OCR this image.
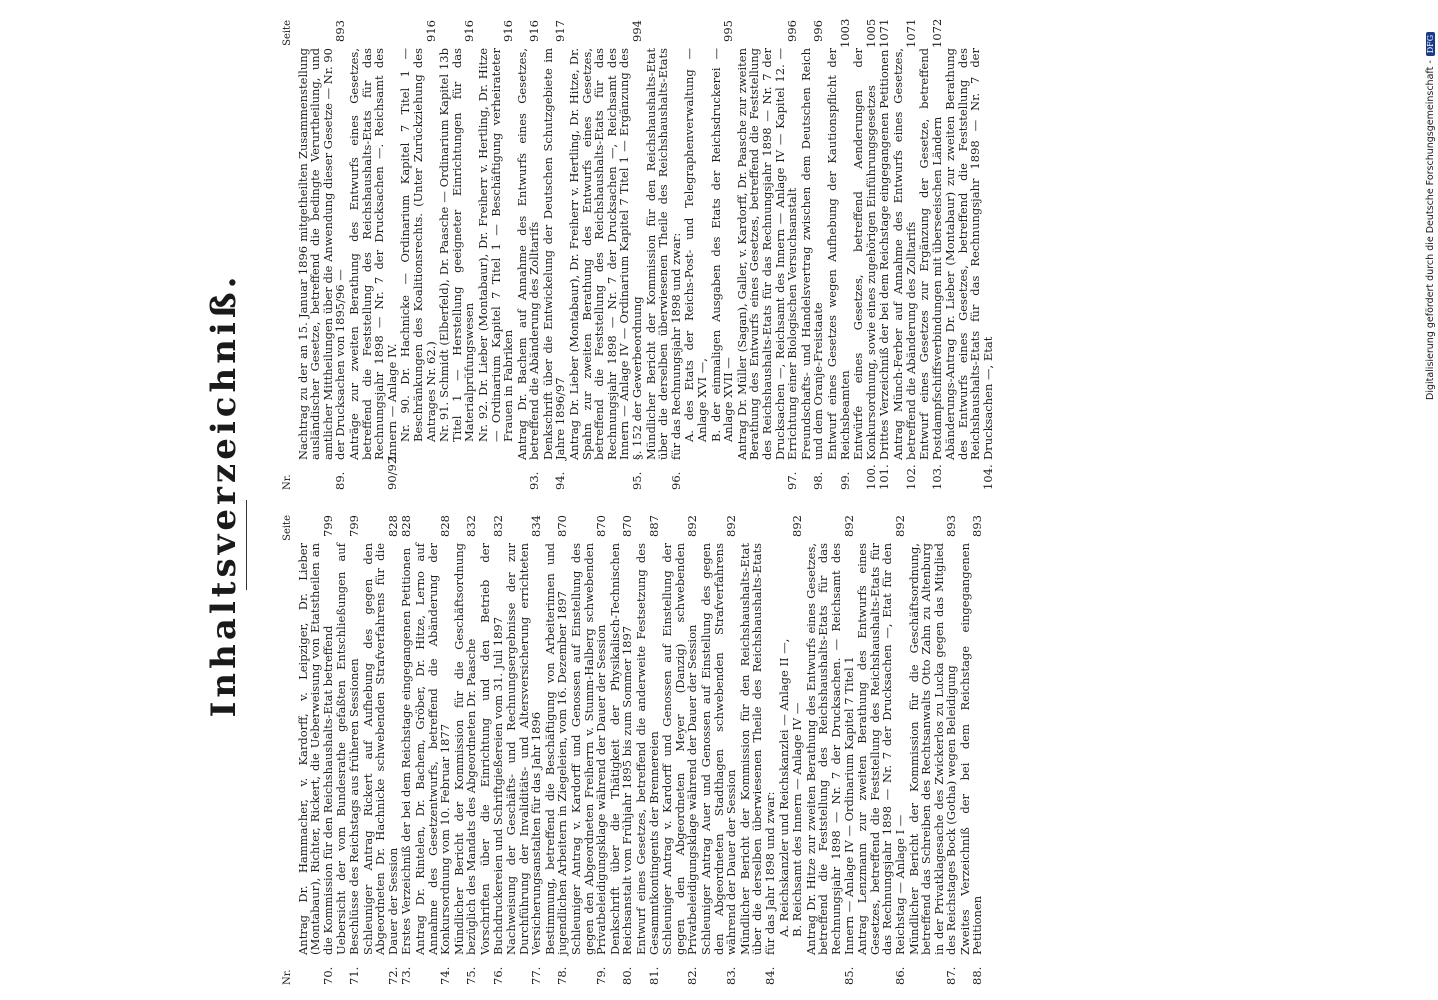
Inhaltsverzeichniß.
Nr.
Seite
70.
Antrag Dr. Hammacher, v. Kardorff, v. Leipziger, Dr. Lieber (Montabaur), Richter, Rickert, die Ueberweisung von Etatstheilen an die Kommission für den Reichshaushalts-Etat betreffend
799
71.
Uebersicht der vom Bundesrathe gefaßten Entschließungen auf Beschlüsse des Reichstags aus früheren Sessionen
799
72.
Schleuniger Antrag Rickert auf Aufhebung des gegen den Abgeordneten Dr. Hachnicke schwebenden Strafverfahrens für die Dauer der Session
828
73.
Erstes Verzeichniß der bei dem Reichstage eingegangenen Petitionen
828
74.
Antrag Dr. Rintelen, Dr. Bachem, Gröber, Dr. Hitze, Lerno auf Annahme des Gesetzentwurfs, betreffend die Abänderung der Konkursordnung vom 10. Februar 1877
828
75.
Mündlicher Bericht der Kommission für die Geschäftsordnung bezüglich des Mandats des Abgeordneten Dr. Paasche
832
76.
Vorschriften über die Einrichtung und den Betrieb der Buchdruckereien und Schriftgießereien vom 31. Juli 1897
832
77.
Nachweisung der Geschäfts- und Rechnungsergebnisse der zur Durchführung der Invaliditäts- und Altersversicherung errichteten Versicherungsanstalten für das Jahr 1896
834
78.
Bestimmung, betreffend die Beschäftigung von Arbeiterinnen und jugendlichen Arbeitern in Ziegeleien, vom 16. Dezember 1897
870
79.
Schleuniger Antrag v. Kardorff und Genossen auf Einstellung des gegen den Abgeordneten Freiherrn v. Stumm-Halberg schwebenden Privatbeleidigungsklage während der Dauer der Session
870
80.
Denkschrift über die Thätigkeit der Physikalisch-Technischen Reichsanstalt vom Frühjahr 1895 bis zum Sommer 1897
870
81.
Entwurf eines Gesetzes, betreffend die anderweite Festsetzung des Gesammtkontingents der Brennereien
887
82.
Schleuniger Antrag v. Kardorff und Genossen auf Einstellung der gegen den Abgeordneten Meyer (Danzig) schwebenden Privatbeleidigungsklage während der Dauer der Session
892
83.
Schleuniger Antrag Auer und Genossen auf Einstellung des gegen den Abgeordneten Stadthagen schwebenden Strafverfahrens während der Dauer der Session
892
84.
Mündlicher Bericht der Kommission für den Reichshaushalts-Etat über die derselben überwiesenen Theile des Reichshaushalts-Etats für das Jahr 1898 und zwar: A. Reichskanzler und Reichskanzlei — Anlage II —, B. Reichsamt des Innern — Anlage IV —
892
85.
Antrag Dr. Hitze zur zweiten Berathung des Entwurfs eines Gesetzes, betreffend die Feststellung des Reichshaushalts-Etats für das Rechnungsjahr 1898 — Nr. 7 der Drucksachen. — Reichsamt des Innern — Anlage IV — Ordinarium Kapitel 7 Titel 1
892
86.
Antrag Lenzmann zur zweiten Berathung des Entwurfs eines Gesetzes, betreffend die Feststellung des Reichshaushalts-Etats für das Rechnungsjahr 1898 — Nr. 7 der Drucksachen —, Etat für den Reichstag — Anlage I —
892
87.
Mündlicher Bericht der Kommission für die Geschäftsordnung, betreffend das Schreiben des Rechtsanwalts Otto Zahn zu Altenburg in der Privatklagesache des Zwickerlos zu Lucka gegen das Mitglied des Reichstages Bock (Gotha) wegen Beleidigung
893
88.
Zweites Verzeichniß der bei dem Reichstage eingegangenen Petitionen
893
Nr.
Seite
89.
Nachtrag zu der an 15. Januar 1896 mitgetheilten Zusammenstellung ausländischer Gesetze, betreffend die bedingte Verurtheilung, und amtlicher Mittheilungen über die Anwendung dieser Gesetze — Nr. 90 der Drucksachen von 1895/96 —
893
90/92.
Anträge zur zweiten Berathung des Entwurfs eines Gesetzes, betreffend die Feststellung des Reichshaushalts-Etats für das Rechnungsjahr 1898 — Nr. 7 der Drucksachen —. Reichsamt des Innern — Anlage IV. Nr. 90. Dr. Hachnicke — Ordinarium Kapitel 7 Titel 1 — Beschränkungen des Koalitionsrechts. (Unter Zurückziehung des Antrages Nr. 62.)
916
Nr. 91. Schmidt (Elberfeld), Dr. Paasche — Ordinarium Kapitel 13b Titel 1 — Herstellung geeigneter Einrichtungen für das Materialprüfungswesen
916
Nr. 92. Dr. Lieber (Montabaur), Dr. Freiherr v. Hertling, Dr. Hitze — Ordinarium Kapitel 7 Titel 1 — Beschäftigung verheirateter Frauen in Fabriken
916
93.
Antrag Dr. Bachem auf Annahme des Entwurfs eines Gesetzes, betreffend die Abänderung des Zolltarifs
916
94.
Denkschrift über die Entwickelung der Deutschen Schutzgebiete im Jahre 1896/97
917
95.
Antrag Dr. Lieber (Montabaur), Dr. Freiherr v. Hertling, Dr. Hitze, Dr. Spahn zur zweiten Berathung des Entwurfs eines Gesetzes, betreffend die Feststellung des Reichshaushalts-Etats für das Rechnungsjahr 1898 — Nr. 7 der Drucksachen —, Reichsamt des Innern — Anlage IV — Ordinarium Kapitel 7 Titel 1 — Ergänzung des §. 152 der Gewerbeordnung
994
96.
Mündlicher Bericht der Kommission für den Reichshaushalts-Etat über die derselben überwiesenen Theile des Reichshaushalts-Etats für das Rechnungsjahr 1898 und zwar: A. des Etats der Reichs-Post- und Telegraphenverwaltung — Anlage XVI —, B. der einmaligen Ausgaben des Etats der Reichsdruckerei — Anlage XVII —
995
97.
Antrag Dr. Müller (Sagan), Galler, v. Kardorff, Dr. Paasche zur zweiten Berathung des Entwurfs eines Gesetzes, betreffend die Feststellung des Reichshaushalts-Etats für das Rechnungsjahr 1898 — Nr. 7 der Drucksachen —, Reichsamt des Innern — Anlage IV — Kapitel 12. — Errichtung einer Biologischen Versuchsanstalt
996
98.
Freundschafts- und Handelsvertrag zwischen dem Deutschen Reich und dem Oranje-Freistaate
996
99.
Entwurf eines Gesetzes wegen Aufhebung der Kautionspflicht der Reichsbeamten
1003
100.
Entwürfe eines Gesetzes, betreffend Aenderungen der Konkursordnung, sowie eines zugehörigen Einführungsgesetzes
1005
101.
Drittes Verzeichniß der bei dem Reichstage eingegangenen Petitionen
1071
102.
Antrag Münch-Ferber auf Annahme des Entwurfs eines Gesetzes, betreffend die Abänderung des Zolltarifs
1071
103.
Entwurf eines Gesetzes zur Ergänzung der Gesetze, betreffend Postdampfschiffsverbindungen mit überseeischen Ländern
1072
104.
Abänderungs-Antrag Dr. Lieber (Montabaur) zur zweiten Berathung des Entwurfs eines Gesetzes, betreffend die Feststellung des Reichshaushalts-Etats für das Rechnungsjahr 1898 — Nr. 7 der Drucksachen —, Etat	Digitalisierung gefördert durch die Deutsche Forschungsgemeinschaft -DFG
